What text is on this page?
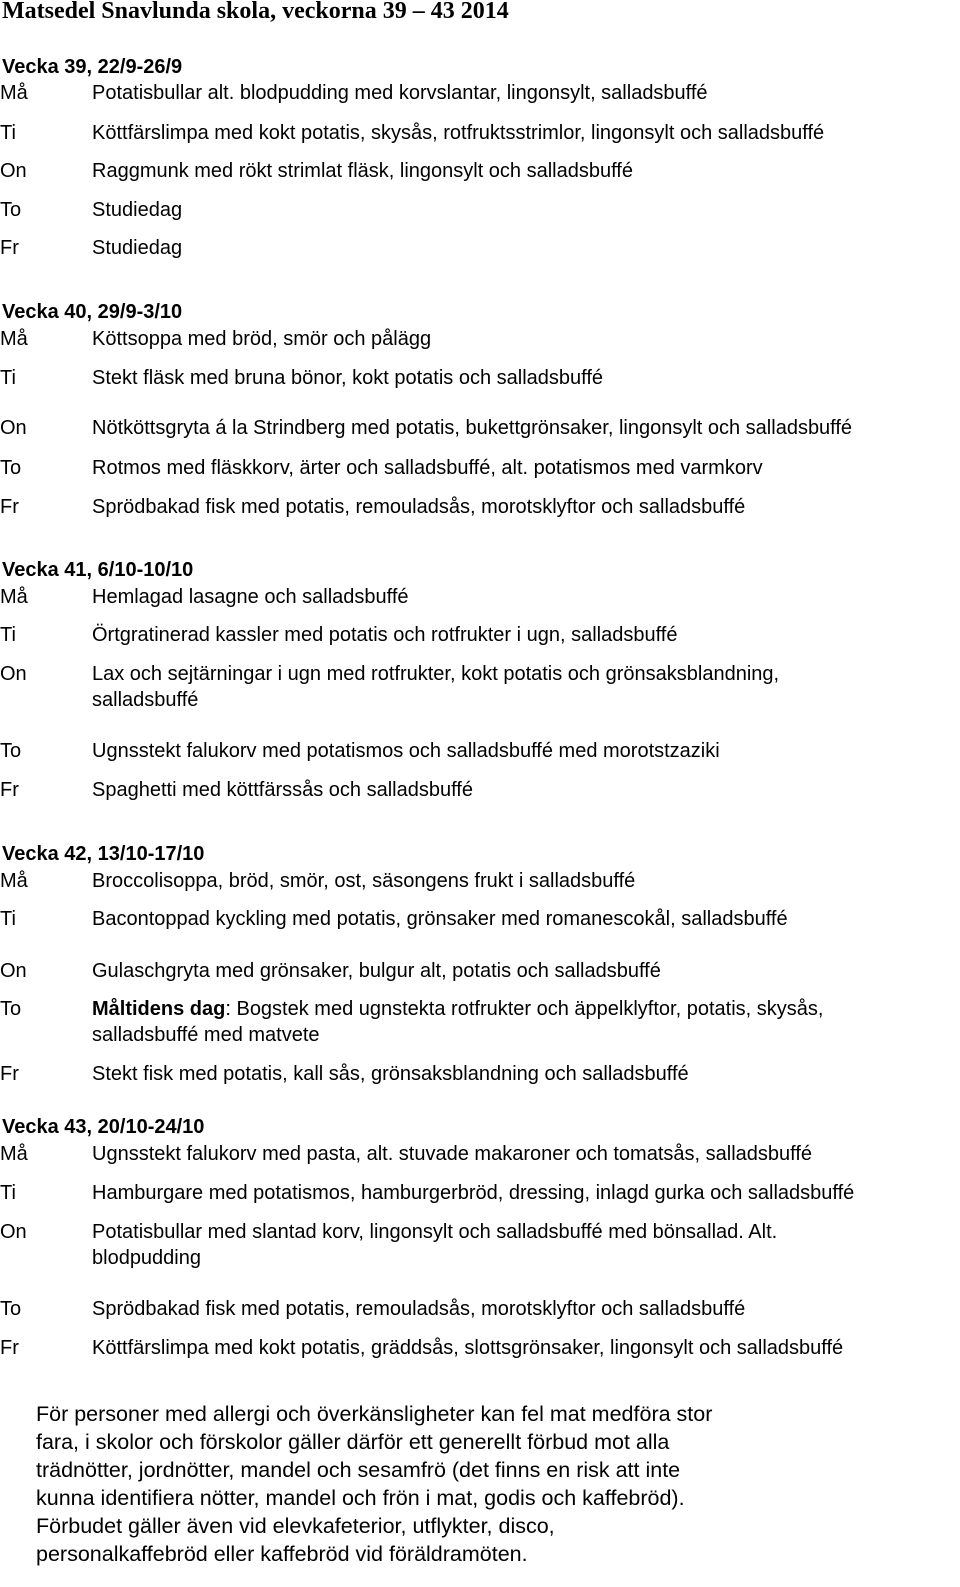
Matsedel Snavlunda skola, veckorna 39 – 43 2014
Vecka 39, 22/9-26/9
Må	Potatisbullar alt. blodpudding med korvslantar, lingonsylt, salladsbuffé
Ti	Köttfärslimpa med kokt potatis, skysås, rotfruktsstrimlor, lingonsylt och salladsbuffé
On	Raggmunk med rökt strimlat fläsk, lingonsylt och salladsbuffé
To	Studiedag
Fr	Studiedag
Vecka 40, 29/9-3/10
Må	Köttsoppa med bröd, smör och pålägg
Ti	Stekt fläsk med bruna bönor, kokt potatis och salladsbuffé
On	Nötköttsgryta á la Strindberg med potatis, bukettgrönsaker, lingonsylt och salladsbuffé
To	Rotmos med fläskkorv, ärter och salladsbuffé, alt. potatismos med varmkorv
Fr	Sprödbakad fisk med potatis, remouladsås, morotsklyftor och salladsbuffé
Vecka 41, 6/10-10/10
Må	Hemlagad lasagne och salladsbuffé
Ti	Örtgratinerad kassler med potatis och rotfrukter i ugn, salladsbuffé
On	Lax och sejtärningar i ugn med rotfrukter, kokt potatis och grönsaksblandning,
salladsbuffé
To	Ugnsstekt falukorv med potatismos och salladsbuffé med morotstzaziki
Fr	Spaghetti med köttfärssås och salladsbuffé
Vecka 42, 13/10-17/10
Må	Broccolisoppa, bröd, smör, ost, säsongens frukt i salladsbuffé
Ti	Bacontoppad kyckling med potatis, grönsaker med romanescokål, salladsbuffé
On	Gulaschgryta med grönsaker, bulgur alt, potatis och salladsbuffé
To	Måltidens dag: Bogstek med ugnstekta rotfrukter och äppelklyftor, potatis, skysås,
salladsbuffé med matvete
Fr	Stekt fisk med potatis, kall sås, grönsaksblandning och salladsbuffé
Vecka 43, 20/10-24/10
Må	Ugnsstekt falukorv med pasta, alt. stuvade makaroner och tomatsås, salladsbuffé
Ti	Hamburgare med potatismos, hamburgerbröd, dressing, inlagd gurka och salladsbuffé
On	Potatisbullar med slantad korv, lingonsylt och salladsbuffé med bönsallad. Alt.
blodpudding
To	Sprödbakad fisk med potatis, remouladsås, morotsklyftor och salladsbuffé
Fr	Köttfärslimpa med kokt potatis, gräddsås, slottsgrönsaker, lingonsylt och salladsbuffé
För personer med allergi och överkänsligheter kan fel mat medföra stor
fara, i skolor och förskolor gäller därför ett generellt förbud mot alla
trädnötter, jordnötter, mandel och sesamfrö (det finns en risk att inte
kunna identifiera nötter, mandel och frön i mat, godis och kaffebröd).
Förbudet gäller även vid elevkafeterior, utflykter, disco,
personalkaffebröd eller kaffebröd vid föräldramöten.
